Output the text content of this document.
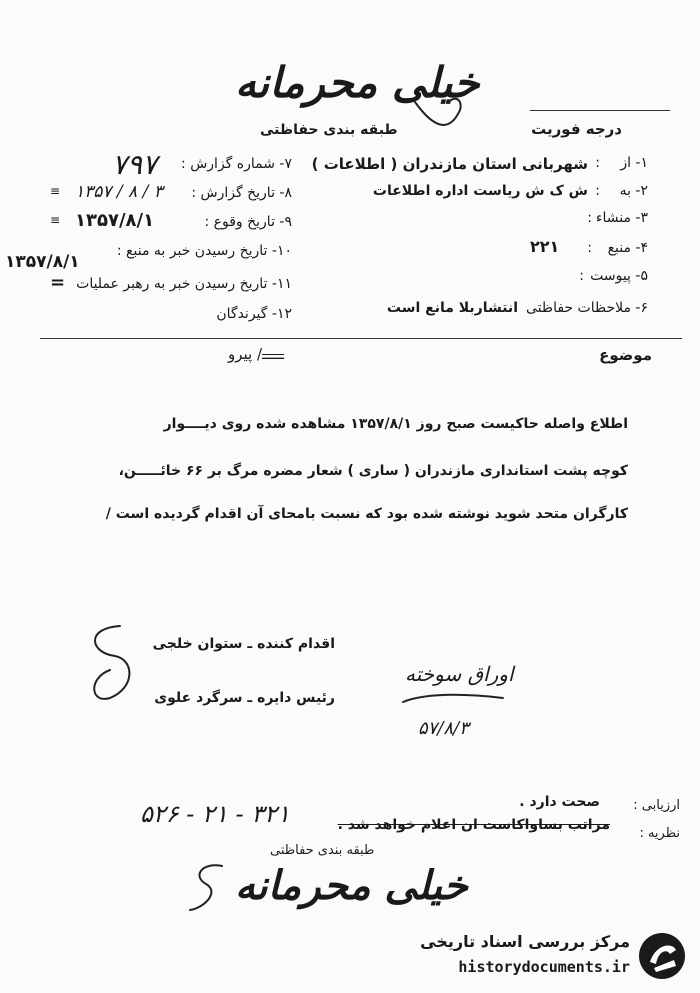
خیلی محرمانه
درجه فوریت
طبقه بندی حفاظتی
۱- از
:
شهربانی استان مازندران ( اطلاعات )
۲- به
:
ش ک ش ریاست اداره اطلاعات
۳- منشاء
:
۴- منبع
:
۲۲۱
۵- پیوست
:
۶- ملاحظات حفاظتی
انتشاربلا مانع است
۷- شماره گزارش :
۷۹۷
۸- تاریخ گزارش :
۱۳۵۷ / ۸ / ۳
≡
۹- تاریخ وقوع :
۱۳۵۷/۸/۱
≡
۱۰- تاریخ رسیدن خبر به منبع :
۱۳۵۷/۸/۱
۱۱- تاریخ رسیدن خبر به رهبر عملیات
=
۱۲- گیرندگان
موضوع
ـــــ/ پیرو
اطلاع واصله حاکیست صبح روز ۱۳۵۷/۸/۱ مشاهده شده روی دیــــوار
کوچه پشت استانداری مازندران ( ساری ) شعار مضره مرگ بر ۶۶ خائـــــن،
کارگران متحد شوید نوشته شده بود که نسبت بامحای آن اقدام گردیده است /
اقدام کننده ـ ستوان خلجی
رئیس دایره ـ سرگرد علوی
اوراق سوخته
۵۷/۸/۳
ارزیابی :
صحت دارد .
نظریه :
مراتب بساواکاست ان اعلام خواهد شد .
۵۲۶ - ۲۱ - ۳۲۱
طبقه بندی حفاظتی
خیلی محرمانه
مرکز بررسی اسناد تاریخی
historydocuments.ir
